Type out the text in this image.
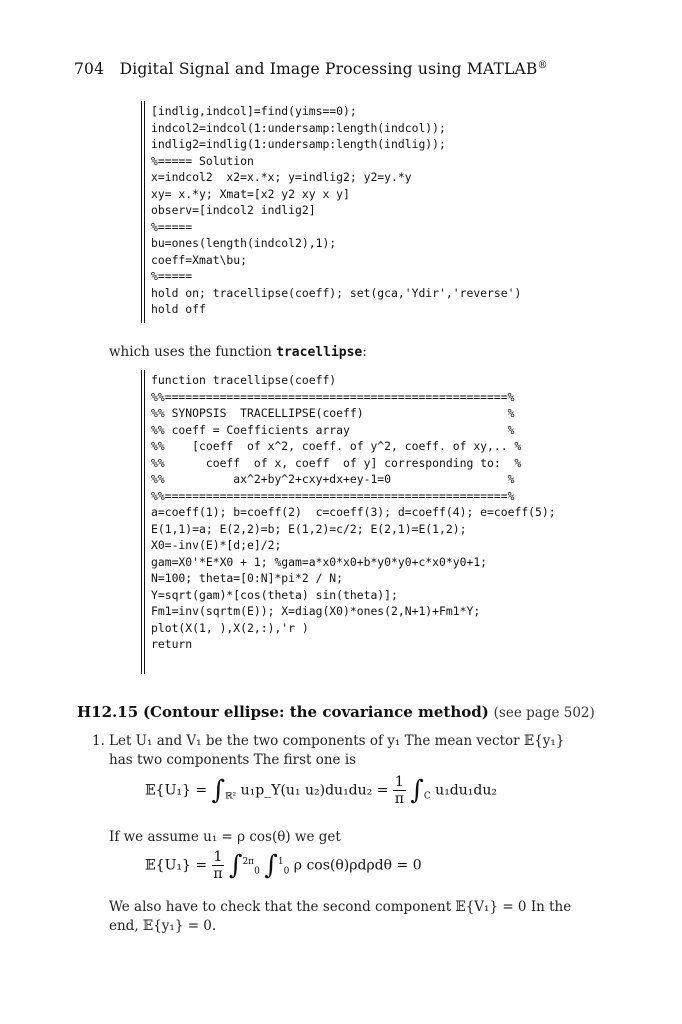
704 Digital Signal and Image Processing using MATLAB®
[indlig,indcol]=find(yims==0);
indcol2=indcol(1:undersamp:length(indcol));
indlig2=indlig(1:undersamp:length(indlig));
%===== Solution
x=indcol2  x2=x.*x; y=indlig2; y2=y.*y
xy= x.*y; Xmat=[x2 y2 xy x y]
observ=[indcol2 indlig2]
%=====
bu=ones(length(indcol2),1);
coeff=Xmat\bu;
%=====
hold on; tracellipse(coeff); set(gca,'Ydir','reverse')
hold off
which uses the function tracellipse:
function tracellipse(coeff)
%%==================================================%
%% SYNOPSIS  TRACELLIPSE(coeff)                     %
%% coeff = Coefficients array                       %
%%    [coeff  of x^2, coeff. of y^2, coeff. of xy,.. %
%%      coeff  of x, coeff  of y] corresponding to:  %
%%          ax^2+by^2+cxy+dx+ey-1=0                 %
%%==================================================%
a=coeff(1); b=coeff(2)  c=coeff(3); d=coeff(4); e=coeff(5);
E(1,1)=a; E(2,2)=b; E(1,2)=c/2; E(2,1)=E(1,2);
X0=-inv(E)*[d;e]/2;
gam=X0'*E*X0 + 1; %gam=a*x0*x0+b*y0*y0+c*x0*y0+1;
N=100; theta=[0:N]*pi*2 / N;
Y=sqrt(gam)*[cos(theta) sin(theta)];
Fm1=inv(sqrtm(E)); X=diag(X0)*ones(2,N+1)+Fm1*Y;
plot(X(1, ),X(2,:),'r )
return
H12.15 (Contour ellipse: the covariance method) (see page 502)
1. Let U₁ and V₁ be the two components of y₁ The mean vector 𝔼{y₁}
has two components The first one is
𝔼{U₁} = $\int_{ℝ^2}$ u₁p_Y(u₁ $u_2)du_1du_2 = \frac{1}{\pi} \int_C$ u₁du₁du₂
If we assume u₁ = ρ cos(θ) we get
𝔼{U₁} = $\frac{1}{\pi} \int^{2\pi}_0$ ∫$^1_0$ ρ cos(θ)ρdρdθ = 0
We also have to check that the second component 𝔼{V₁} = 0 In the
end, 𝔼{y₁} = 0.
